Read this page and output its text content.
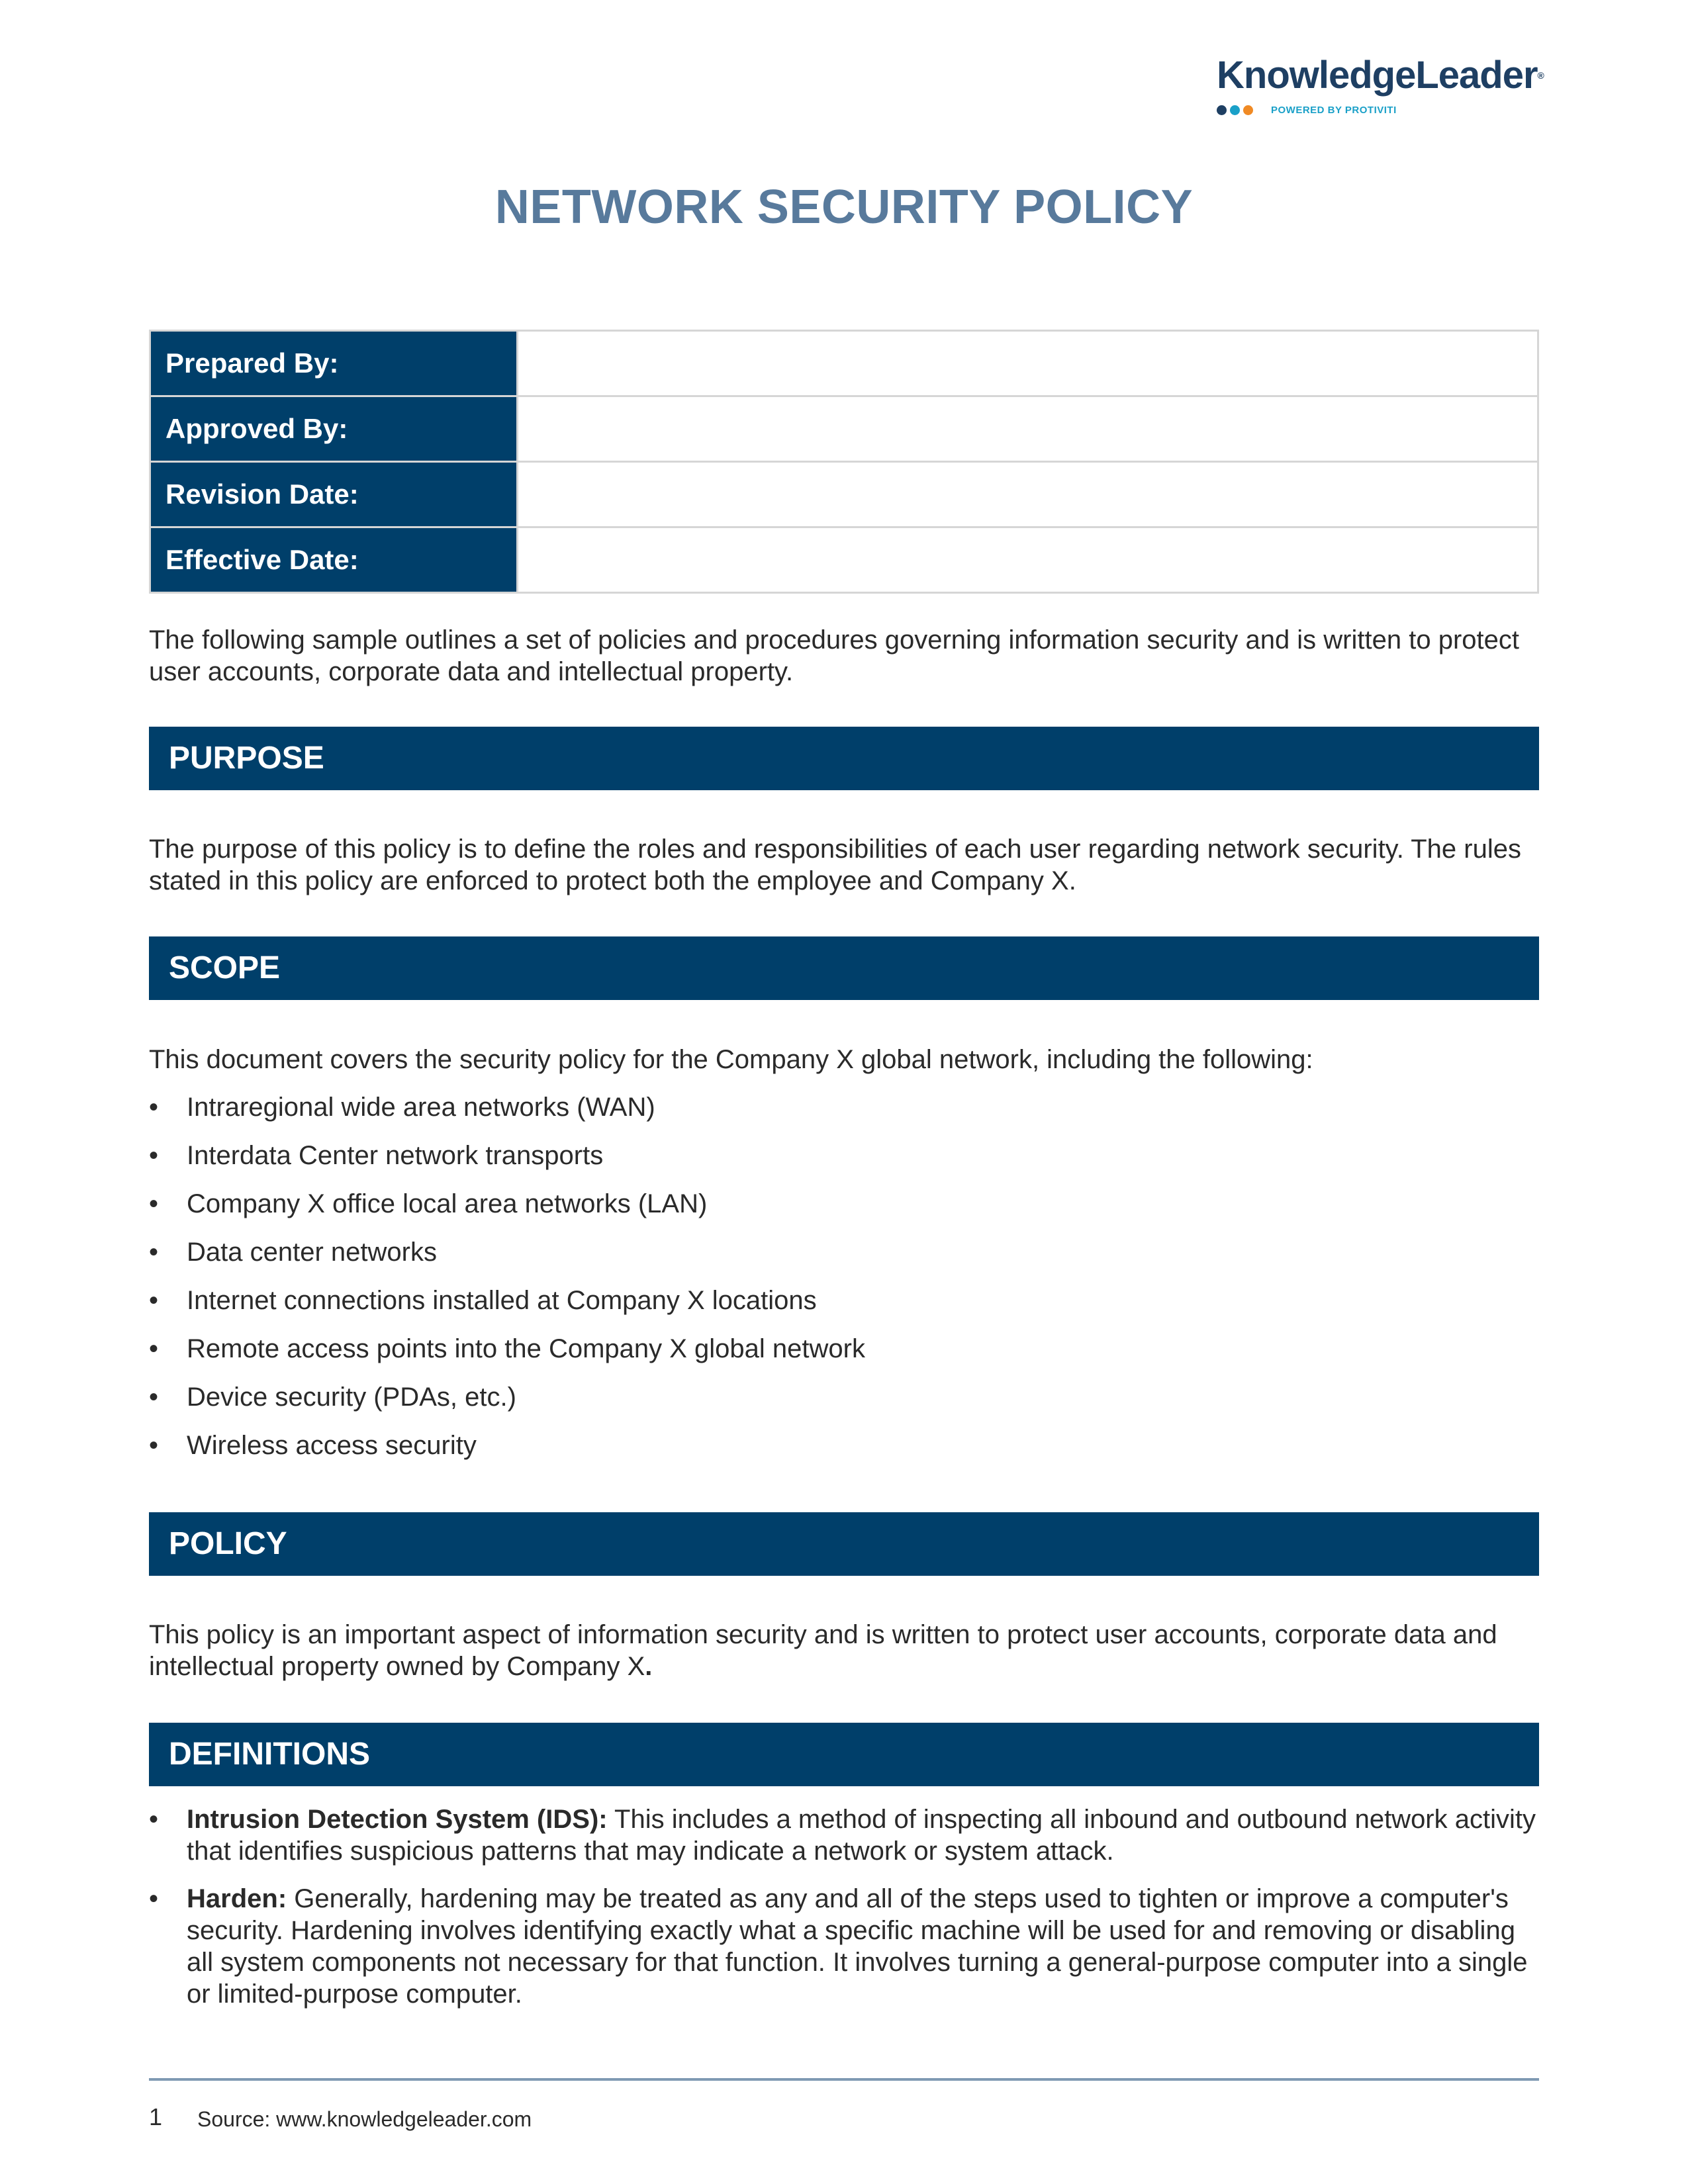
KnowledgeLeader®
POWERED BY PROTIVITI
NETWORK SECURITY POLICY
Prepared By:	
Approved By:	
Revision Date:	
Effective Date:	
The following sample outlines a set of policies and procedures governing information security and is written to protect user accounts, corporate data and intellectual property.
PURPOSE
The purpose of this policy is to define the roles and responsibilities of each user regarding network security. The rules stated in this policy are enforced to protect both the employee and Company X.
SCOPE
This document covers the security policy for the Company X global network, including the following:
•	Intraregional wide area networks (WAN)
•	Interdata Center network transports
•	Company X office local area networks (LAN)
•	Data center networks
•	Internet connections installed at Company X locations
•	Remote access points into the Company X global network
•	Device security (PDAs, etc.)
•	Wireless access security
POLICY
This policy is an important aspect of information security and is written to protect user accounts, corporate data and intellectual property owned by Company X.
DEFINITIONS
•	Intrusion Detection System (IDS): This includes a method of inspecting all inbound and outbound network activity that identifies suspicious patterns that may indicate a network or system attack.
•	Harden: Generally, hardening may be treated as any and all of the steps used to tighten or improve a computer's security. Hardening involves identifying exactly what a specific machine will be used for and removing or disabling all system components not necessary for that function. It involves turning a general-purpose computer into a single or limited-purpose computer.
1 Source: www.knowledgeleader.com
